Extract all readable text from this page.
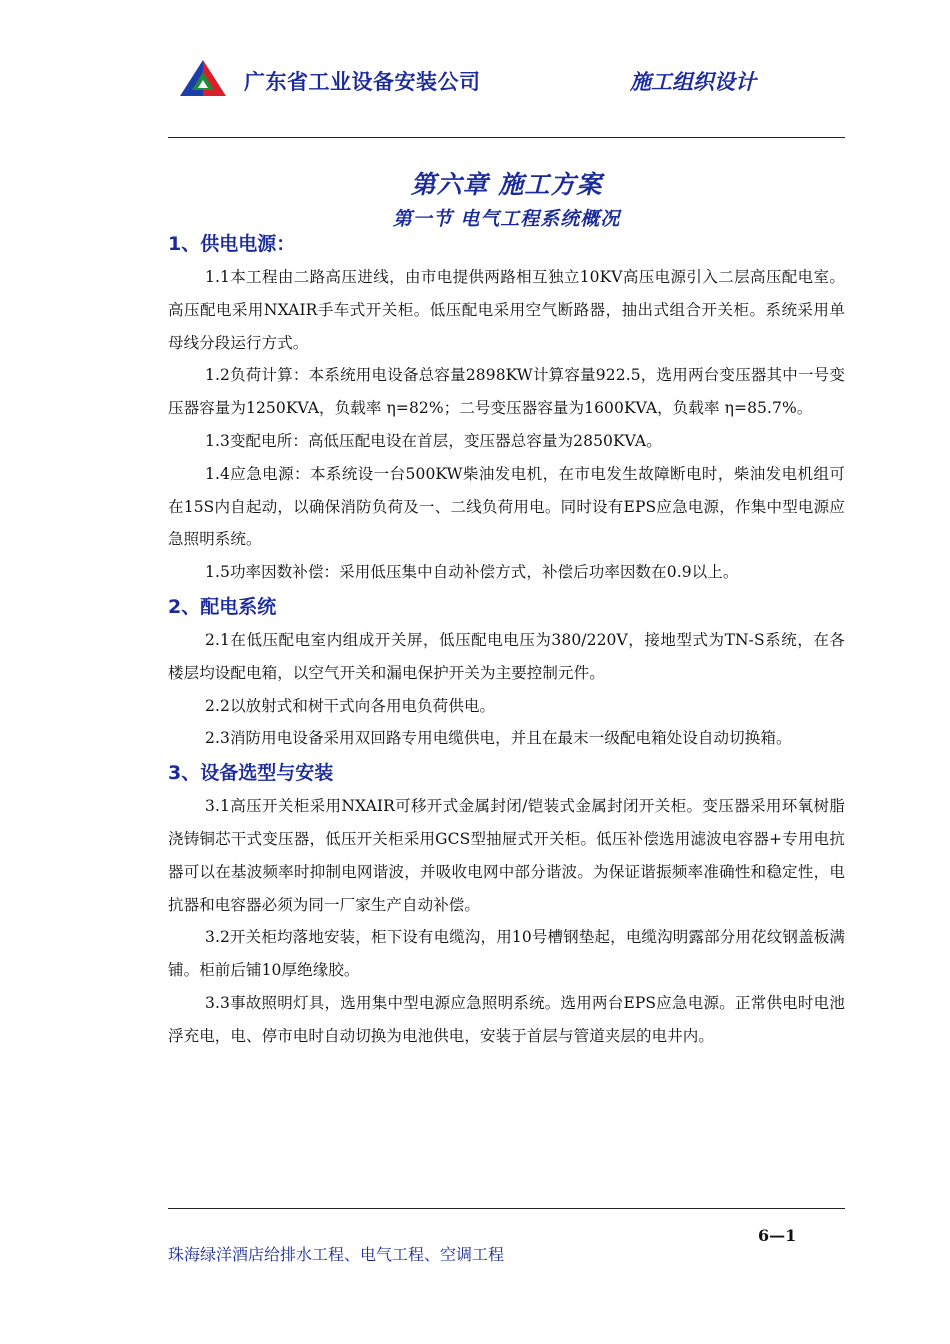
广东省工业设备安装公司	施工组织设计
第六章 施工方案
第一节 电气工程系统概况
1、供电电源：

1.1本工程由二路高压进线，由市电提供两路相互独立10KV高压电源引入二层高压配电室。高压配电采用NXAIR手车式开关柜。低压配电采用空气断路器，抽出式组合开关柜。系统采用单母线分段运行方式。

1.2负荷计算：本系统用电设备总容量2898KW计算容量922.5，选用两台变压器其中一号变压器容量为1250KVA，负载率 η=82%；二号变压器容量为1600KVA，负载率 η=85.7%。

1.3变配电所：高低压配电设在首层，变压器总容量为2850KVA。

1.4应急电源：本系统设一台500KW柴油发电机，在市电发生故障断电时，柴油发电机组可在15S内自起动，以确保消防负荷及一、二线负荷用电。同时设有EPS应急电源，作集中型电源应急照明系统。

1.5功率因数补偿：采用低压集中自动补偿方式，补偿后功率因数在0.9以上。

2、配电系统

2.1在低压配电室内组成开关屏，低压配电电压为380/220V，接地型式为TN-S系统，在各楼层均设配电箱，以空气开关和漏电保护开关为主要控制元件。

2.2以放射式和树干式向各用电负荷供电。

2.3消防用电设备采用双回路专用电缆供电，并且在最末一级配电箱处设自动切换箱。

3、设备选型与安装

3.1高压开关柜采用NXAIR可移开式金属封闭/铠装式金属封闭开关柜。变压器采用环氧树脂浇铸铜芯干式变压器，低压开关柜采用GCS型抽屉式开关柜。低压补偿选用滤波电容器+专用电抗器可以在基波频率时抑制电网谐波，并吸收电网中部分谐波。为保证谐振频率准确性和稳定性，电抗器和电容器必须为同一厂家生产自动补偿。

3.2开关柜均落地安装，柜下设有电缆沟，用10号槽钢垫起，电缆沟明露部分用花纹钢盖板满铺。柜前后铺10厚绝缘胶。

3.3事故照明灯具，选用集中型电源应急照明系统。选用两台EPS应急电源。正常供电时电池浮充电，电、停市电时自动切换为电池供电，安装于首层与管道夹层的电井内。

6—1
珠海绿洋酒店给排水工程、电气工程、空调工程
